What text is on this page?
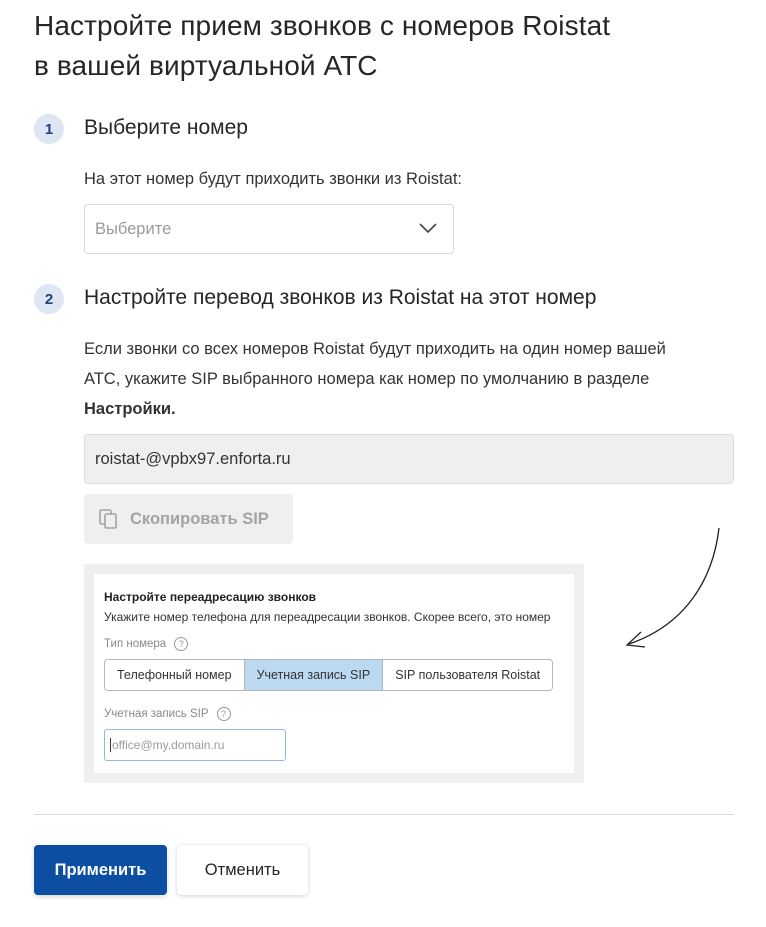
Настройте прием звонков с номеров Roistat
в вашей виртуальной АТС
1	Выберите номер
На этот номер будут приходить звонки из Roistat:
Выберите
2	Настройте перевод звонков из Roistat на этот номер
Если звонки со всех номеров Roistat будут приходить на один номер вашей
АТС, укажите SIP выбранного номера как номер по умолчанию в разделе
Настройки.
roistat-@vpbx97.enforta.ru
Скопировать SIP
Настройте переадресацию звонков
Укажите номер телефона для переадресации звонков. Скорее всего, это номер
Тип номера	?
Телефонный номер	Учетная запись SIP	SIP пользователя Roistat
Учетная запись SIP	?
office@my.domain.ru
Применить	Отменить
